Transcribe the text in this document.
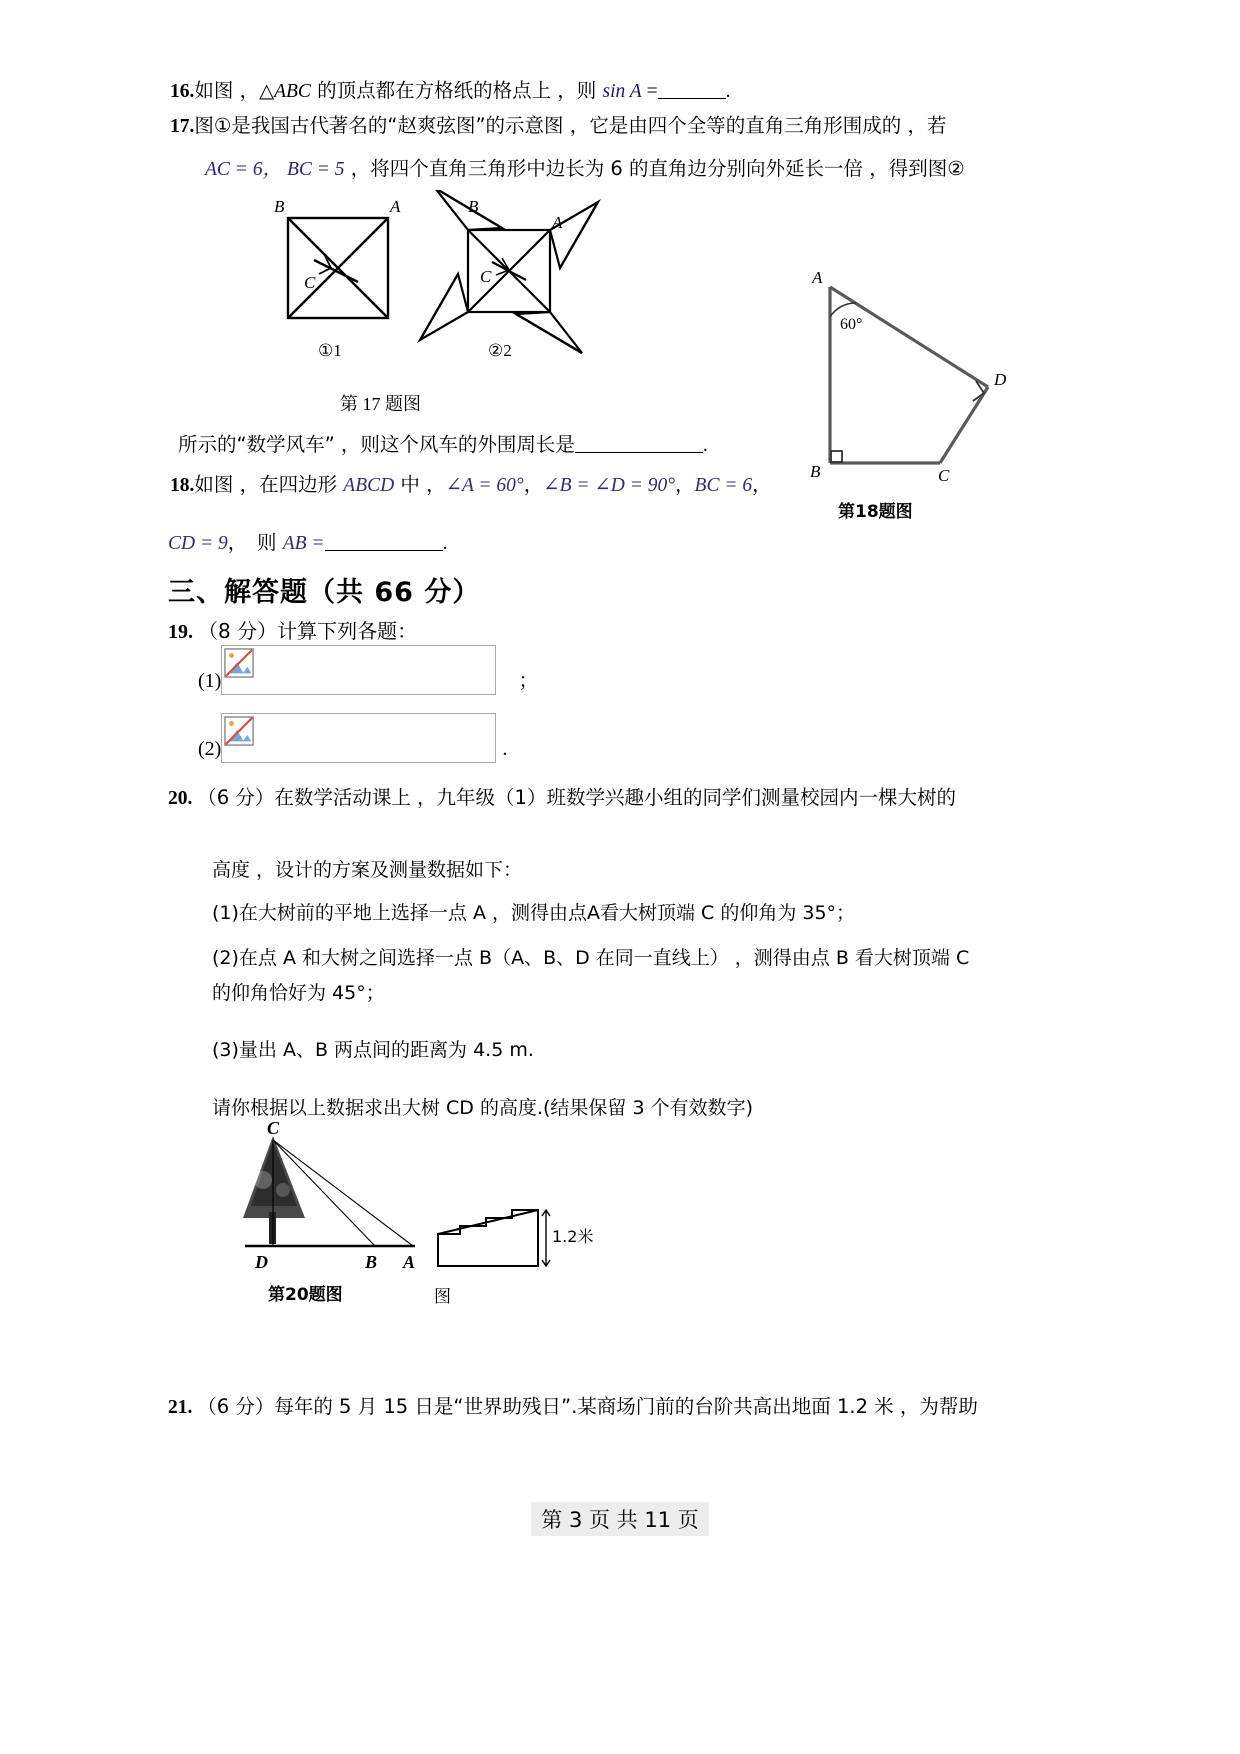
16.如图 ，△ABC 的顶点都在方格纸的格点上 ，则 sin A =	.
17.图①是我国古代著名的“赵爽弦图”的示意图 ，它是由四个全等的直角三角形围成的 ，若
AC = 6， BC = 5 ，将四个直角三角形中边长为 6 的直角边分别向外延长一倍 ，得到图②
B	A
C
①1
B
A
C
②2
第 17 题图
所示的“数学风车” ，则这个风车的外围周长是	.
18.如图 ，在四边形 ABCD 中 ，∠A = 60°，∠B = ∠D = 90°，BC = 6，
CD = 9， 则 AB =	.
A
B	C
D
60°
第18题图
三、解答题（共 66 分）
19. （8 分）计算下列各题：
(1)	；
(2)	.
20. （6 分）在数学活动课上 ，九年级（1）班数学兴趣小组的同学们测量校园内一棵大树的
高度 ，设计的方案及测量数据如下：
(1)在大树前的平地上选择一点 A ，测得由点A看大树顶端 C 的仰角为 35°；
(2)在点 A 和大树之间选择一点 B（A、B、D 在同一直线上） ，测得由点 B 看大树顶端 C
的仰角恰好为 45°；
(3)量出 A、B 两点间的距离为 4.5 m.
请你根据以上数据求出大树 CD 的高度.(结果保留 3 个有效数字)
C
D	B A
第20题图
1.2米
图
21. （6 分）每年的 5 月 15 日是“世界助残日”.某商场门前的台阶共高出地面 1.2 米 ，为帮助
第 3 页 共 11 页
